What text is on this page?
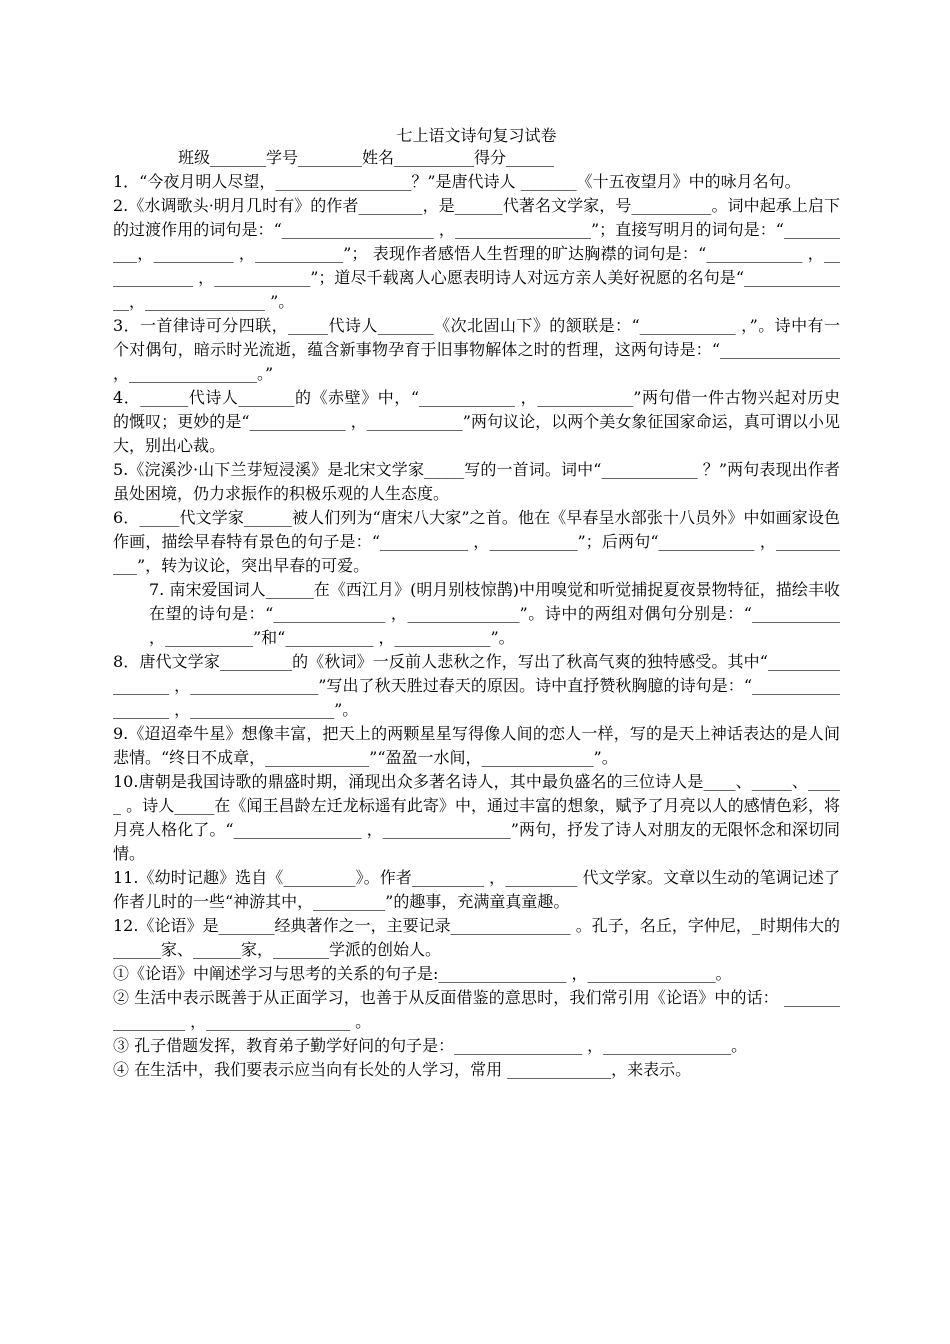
七上语文诗句复习试卷
班级_______学号________姓名__________得分______

1．“今夜月明人尽望，_________________？”是唐代诗人 _______《十五夜望月》中的咏月名句。

2.《水调歌头·明月几时有》的作者________，是______代著名文学家，号__________。词中起承上启下的过渡作用的词句是：“___________________ ，_________________”；直接写明月的词句是：“__________，__________ ，___________”； 表现作者感悟人生哲理的旷达胸襟的词句是：“____________ ，____________ ，____________”；道尽千载离人心愿表明诗人对远方亲人美好祝愿的名句是“______________，_______________ ”。

3．一首律诗可分四联，_____代诗人_______《次北固山下》的颔联是：“____________ ，”。诗中有一个对偶句，暗示时光流逝，蕴含新事物孕育于旧事物解体之时的哲理，这两句诗是：“_______________ ，________________。”

4．______代诗人_______的《赤壁》中，“____________ ，____________”两句借一件古物兴起对历史的慨叹；更妙的是“____________ ，____________”两句议论，以两个美女象征国家命运，真可谓以小见大，别出心裁。

5.《浣溪沙·山下兰芽短浸溪》是北宋文学家_____写的一首词。词中“____________ ？”两句表现出作者虽处困境，仍力求振作的积极乐观的人生态度。

6．_____代文学家______被人们列为“唐宋八大家”之首。他在《早春呈水部张十八员外》中如画家设色作画，描绘早春特有景色的句子是：“___________ ，___________”；后两句“____________ ，___________”，转为议论，突出早春的可爱。

7. 南宋爱国词人______在《西江月》(明月别枝惊鹊)中用嗅觉和听觉捕捉夏夜景物特征，描绘丰收在望的诗句是：“______________ ，______________”。诗中的两组对偶句分别是：“___________ ，___________”和“___________ ，____________”。

8．唐代文学家_________的《秋词》一反前人悲秋之作，写出了秋高气爽的独特感受。其中“________________ ，________________”写出了秋天胜过春天的原因。诗中直抒赞秋胸臆的诗句是：“__________________ ，__________________”。

9.《迢迢牵牛星》想像丰富，把天上的两颗星星写得像人间的恋人一样，写的是天上神话表达的是人间悲情。“终日不成章，_____________”“盈盈一水间，______________”。

10.唐朝是我国诗歌的鼎盛时期，涌现出众多著名诗人，其中最负盛名的三位诗人是____、_____、_____ 。诗人_____在《闻王昌龄左迁龙标遥有此寄》中，通过丰富的想象，赋予了月亮以人的感情色彩，将月亮人格化了。“________________ ，________________”两句，抒发了诗人对朋友的无限怀念和深切同情。

11.《幼时记趣》选自《_________》。作者_________ ，_________ 代文学家。文章以生动的笔调记述了作者儿时的一些“神游其中，_________”的趣事，充满童真童趣。

12.《论语》是_______经典著作之一，主要记录_______________ 。孔子，名丘，字仲尼，_时期伟大的______家、______家，_______学派的创始人。

①《论语》中阐述学习与思考的关系的句子是:________________ ，________________。

② 生活中表示既善于从正面学习，也善于从反面借鉴的意思时，我们常引用《论语》中的话： ________________ ，__________________ 。

③ 孔子借题发挥，教育弟子勤学好问的句子是：________________ ，________________。

④ 在生活中，我们要表示应当向有长处的人学习，常用 _____________，来表示。
